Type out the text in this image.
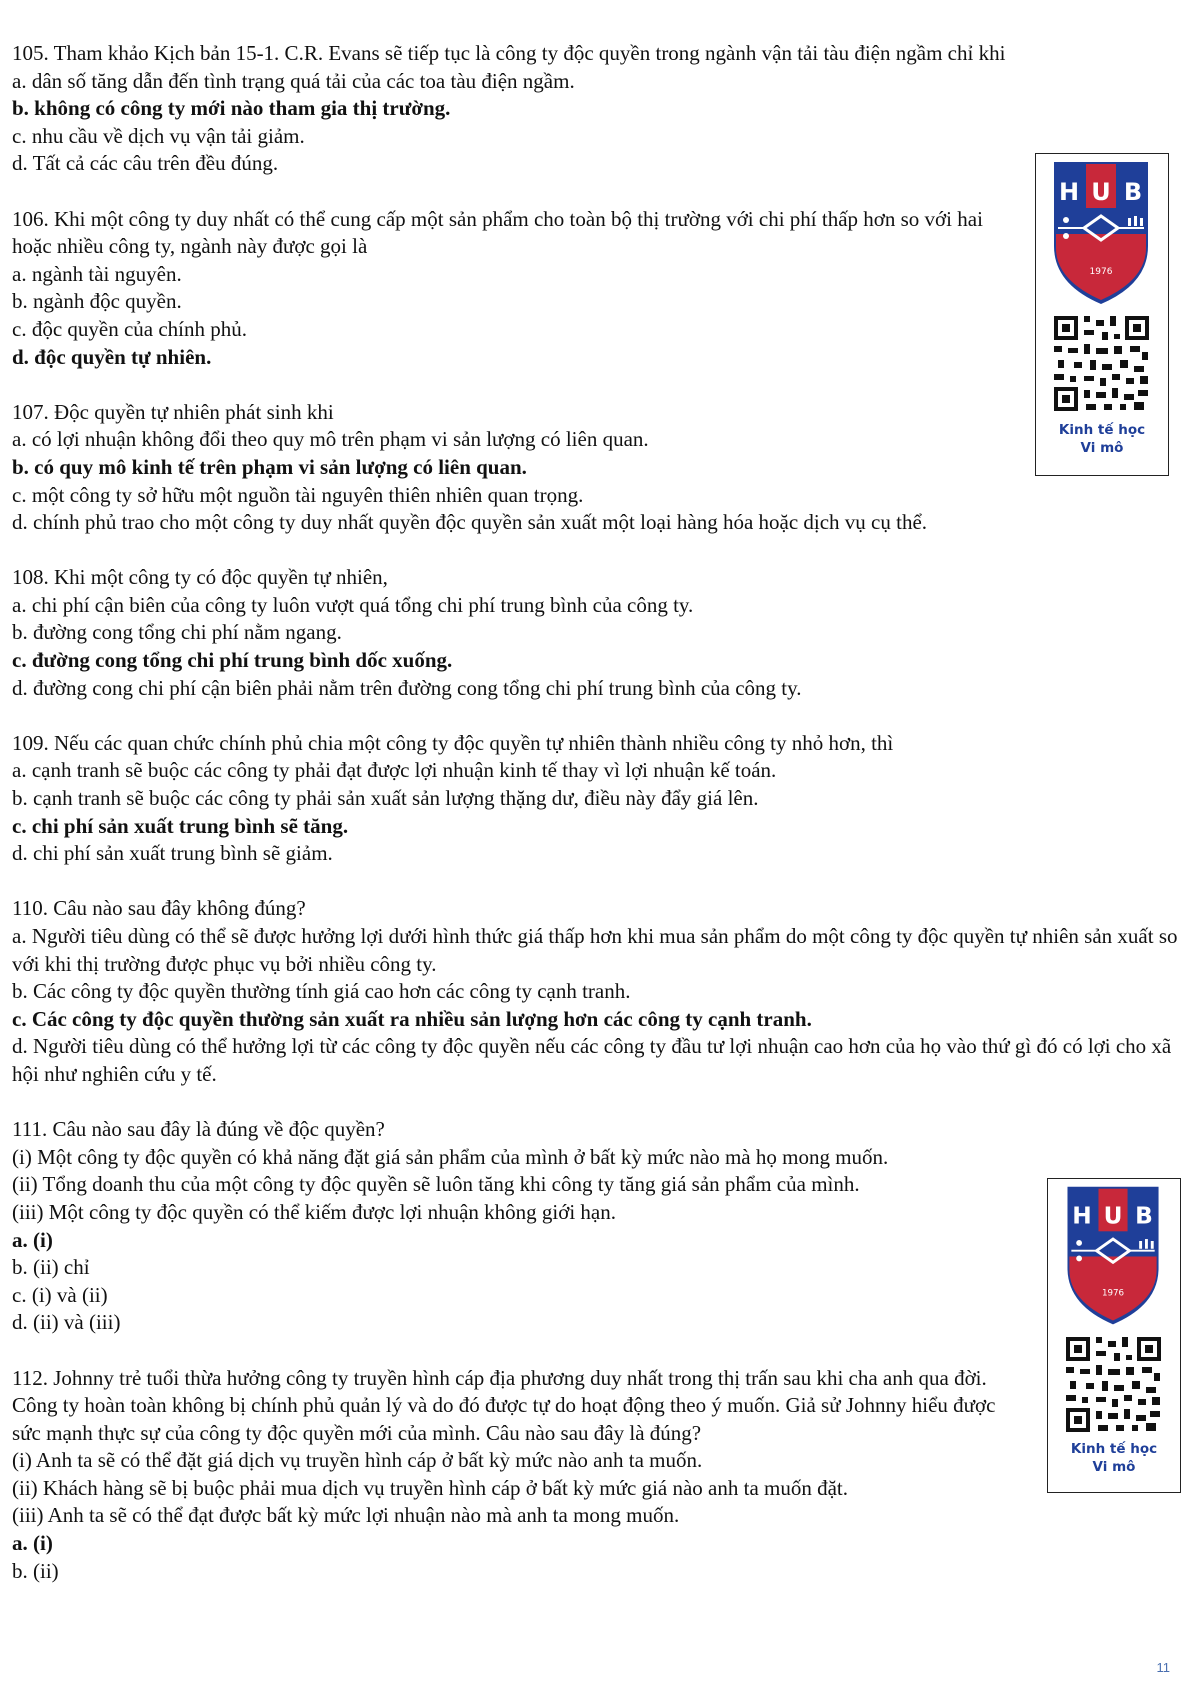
105. Tham khảo Kịch bản 15-1. C.R. Evans sẽ tiếp tục là công ty độc quyền trong ngành vận tải tàu điện ngầm chỉ khi
a. dân số tăng dẫn đến tình trạng quá tải của các toa tàu điện ngầm.
b. không có công ty mới nào tham gia thị trường.
c. nhu cầu về dịch vụ vận tải giảm.
d. Tất cả các câu trên đều đúng.
106. Khi một công ty duy nhất có thể cung cấp một sản phẩm cho toàn bộ thị trường với chi phí thấp hơn so với hai hoặc nhiều công ty, ngành này được gọi là
a. ngành tài nguyên.
b. ngành độc quyền.
c. độc quyền của chính phủ.
d. độc quyền tự nhiên.
107. Độc quyền tự nhiên phát sinh khi
a. có lợi nhuận không đổi theo quy mô trên phạm vi sản lượng có liên quan.
b. có quy mô kinh tế trên phạm vi sản lượng có liên quan.
c. một công ty sở hữu một nguồn tài nguyên thiên nhiên quan trọng.
d. chính phủ trao cho một công ty duy nhất quyền độc quyền sản xuất một loại hàng hóa hoặc dịch vụ cụ thể.
108. Khi một công ty có độc quyền tự nhiên,
a. chi phí cận biên của công ty luôn vượt quá tổng chi phí trung bình của công ty.
b. đường cong tổng chi phí nằm ngang.
c. đường cong tổng chi phí trung bình dốc xuống.
d. đường cong chi phí cận biên phải nằm trên đường cong tổng chi phí trung bình của công ty.
109. Nếu các quan chức chính phủ chia một công ty độc quyền tự nhiên thành nhiều công ty nhỏ hơn, thì
a. cạnh tranh sẽ buộc các công ty phải đạt được lợi nhuận kinh tế thay vì lợi nhuận kế toán.
b. cạnh tranh sẽ buộc các công ty phải sản xuất sản lượng thặng dư, điều này đẩy giá lên.
c. chi phí sản xuất trung bình sẽ tăng.
d. chi phí sản xuất trung bình sẽ giảm.
110. Câu nào sau đây không đúng?
a. Người tiêu dùng có thể sẽ được hưởng lợi dưới hình thức giá thấp hơn khi mua sản phẩm do một công ty độc quyền tự nhiên sản xuất so với khi thị trường được phục vụ bởi nhiều công ty.
b. Các công ty độc quyền thường tính giá cao hơn các công ty cạnh tranh.
c. Các công ty độc quyền thường sản xuất ra nhiều sản lượng hơn các công ty cạnh tranh.
d. Người tiêu dùng có thể hưởng lợi từ các công ty độc quyền nếu các công ty đầu tư lợi nhuận cao hơn của họ vào thứ gì đó có lợi cho xã hội như nghiên cứu y tế.
111. Câu nào sau đây là đúng về độc quyền?
(i) Một công ty độc quyền có khả năng đặt giá sản phẩm của mình ở bất kỳ mức nào mà họ mong muốn.
(ii) Tổng doanh thu của một công ty độc quyền sẽ luôn tăng khi công ty tăng giá sản phẩm của mình.
(iii) Một công ty độc quyền có thể kiếm được lợi nhuận không giới hạn.
a. (i)
b. (ii) chỉ
c. (i) và (ii)
d. (ii) và (iii)
112. Johnny trẻ tuổi thừa hưởng công ty truyền hình cáp địa phương duy nhất trong thị trấn sau khi cha anh qua đời. Công ty hoàn toàn không bị chính phủ quản lý và do đó được tự do hoạt động theo ý muốn. Giả sử Johnny hiểu được sức mạnh thực sự của công ty độc quyền mới của mình. Câu nào sau đây là đúng?
(i) Anh ta sẽ có thể đặt giá dịch vụ truyền hình cáp ở bất kỳ mức nào anh ta muốn.
(ii) Khách hàng sẽ bị buộc phải mua dịch vụ truyền hình cáp ở bất kỳ mức giá nào anh ta muốn đặt.
(iii) Anh ta sẽ có thể đạt được bất kỳ mức lợi nhuận nào mà anh ta mong muốn.
a. (i)
b. (ii)
H U B
1976
Kinh tế học
Vi mô
H U B
1976
Kinh tế học
Vi mô
11
